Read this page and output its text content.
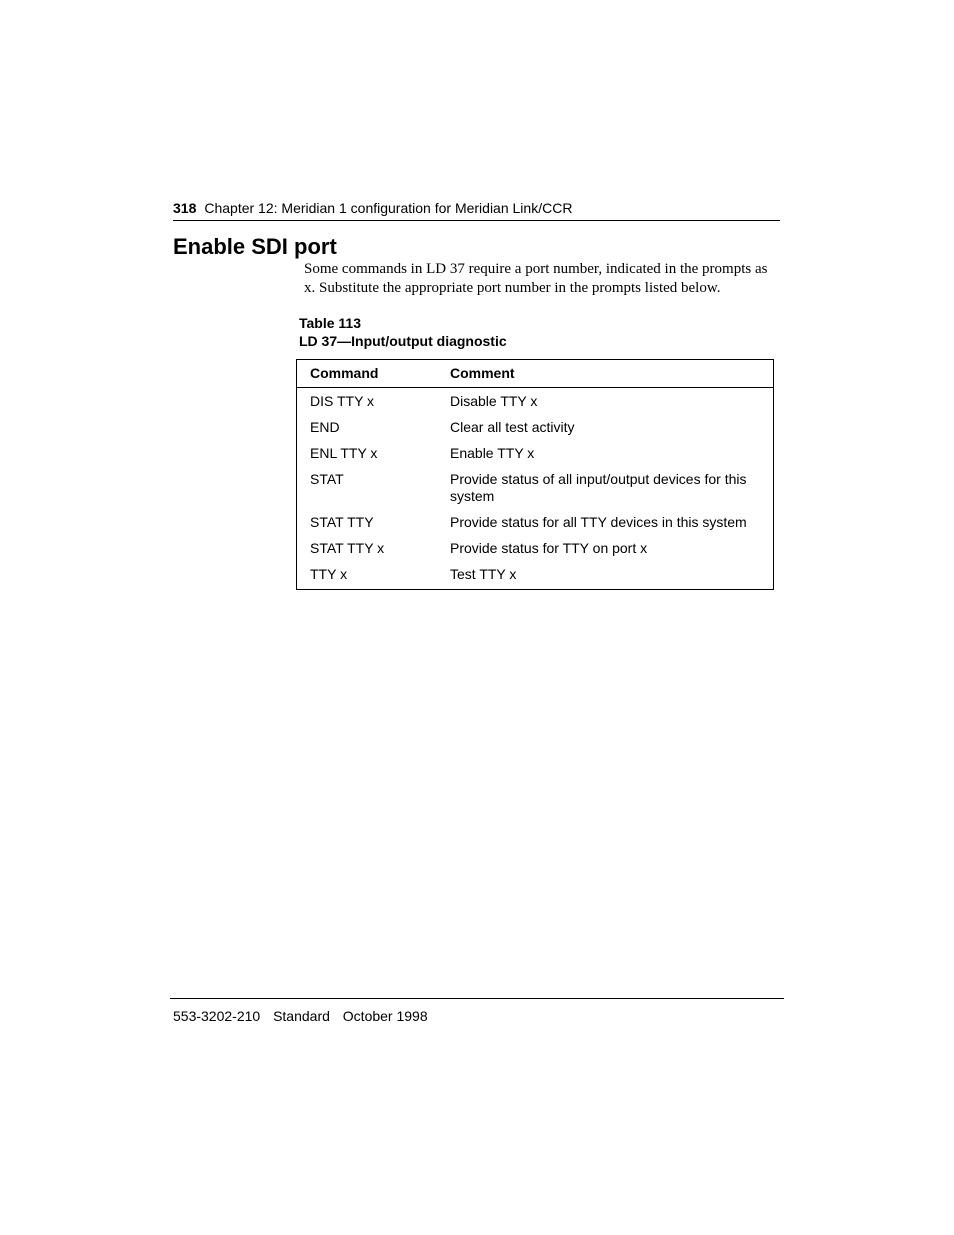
318 Chapter 12: Meridian 1 configuration for Meridian Link/CCR
Enable SDI port

Some commands in LD 37 require a port number, indicated in the prompts as x. Substitute the appropriate port number in the prompts listed below.

Table 113
LD 37—Input/output diagnostic
Command	Comment
DIS TTY x	Disable TTY x
END	Clear all test activity
ENL TTY x	Enable TTY x
STAT	Provide status of all input/output devices for this system
STAT TTY	Provide status for all TTY devices in this system
STAT TTY x	Provide status for TTY on port x
TTY x	Test TTY x
553-3202-210 Standard October 1998
